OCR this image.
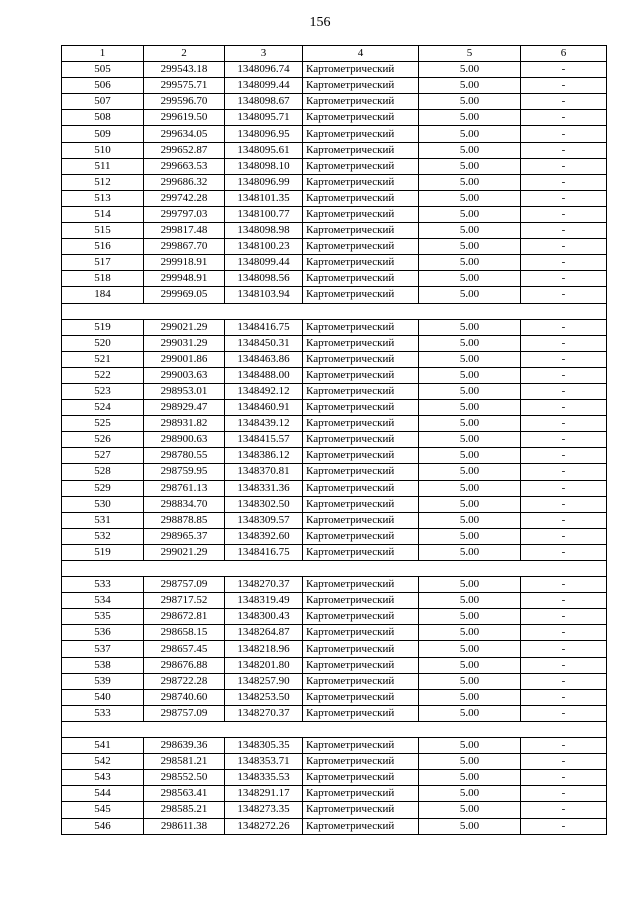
156
1	2	3	4	5	6
505	299543.18	1348096.74	Картометрический	5.00	-
506	299575.71	1348099.44	Картометрический	5.00	-
507	299596.70	1348098.67	Картометрический	5.00	-
508	299619.50	1348095.71	Картометрический	5.00	-
509	299634.05	1348096.95	Картометрический	5.00	-
510	299652.87	1348095.61	Картометрический	5.00	-
511	299663.53	1348098.10	Картометрический	5.00	-
512	299686.32	1348096.99	Картометрический	5.00	-
513	299742.28	1348101.35	Картометрический	5.00	-
514	299797.03	1348100.77	Картометрический	5.00	-
515	299817.48	1348098.98	Картометрический	5.00	-
516	299867.70	1348100.23	Картометрический	5.00	-
517	299918.91	1348099.44	Картометрический	5.00	-
518	299948.91	1348098.56	Картометрический	5.00	-
184	299969.05	1348103.94	Картометрический	5.00	-

519	299021.29	1348416.75	Картометрический	5.00	-
520	299031.29	1348450.31	Картометрический	5.00	-
521	299001.86	1348463.86	Картометрический	5.00	-
522	299003.63	1348488.00	Картометрический	5.00	-
523	298953.01	1348492.12	Картометрический	5.00	-
524	298929.47	1348460.91	Картометрический	5.00	-
525	298931.82	1348439.12	Картометрический	5.00	-
526	298900.63	1348415.57	Картометрический	5.00	-
527	298780.55	1348386.12	Картометрический	5.00	-
528	298759.95	1348370.81	Картометрический	5.00	-
529	298761.13	1348331.36	Картометрический	5.00	-
530	298834.70	1348302.50	Картометрический	5.00	-
531	298878.85	1348309.57	Картометрический	5.00	-
532	298965.37	1348392.60	Картометрический	5.00	-
519	299021.29	1348416.75	Картометрический	5.00	-

533	298757.09	1348270.37	Картометрический	5.00	-
534	298717.52	1348319.49	Картометрический	5.00	-
535	298672.81	1348300.43	Картометрический	5.00	-
536	298658.15	1348264.87	Картометрический	5.00	-
537	298657.45	1348218.96	Картометрический	5.00	-
538	298676.88	1348201.80	Картометрический	5.00	-
539	298722.28	1348257.90	Картометрический	5.00	-
540	298740.60	1348253.50	Картометрический	5.00	-
533	298757.09	1348270.37	Картометрический	5.00	-

541	298639.36	1348305.35	Картометрический	5.00	-
542	298581.21	1348353.71	Картометрический	5.00	-
543	298552.50	1348335.53	Картометрический	5.00	-
544	298563.41	1348291.17	Картометрический	5.00	-
545	298585.21	1348273.35	Картометрический	5.00	-
546	298611.38	1348272.26	Картометрический	5.00	-
